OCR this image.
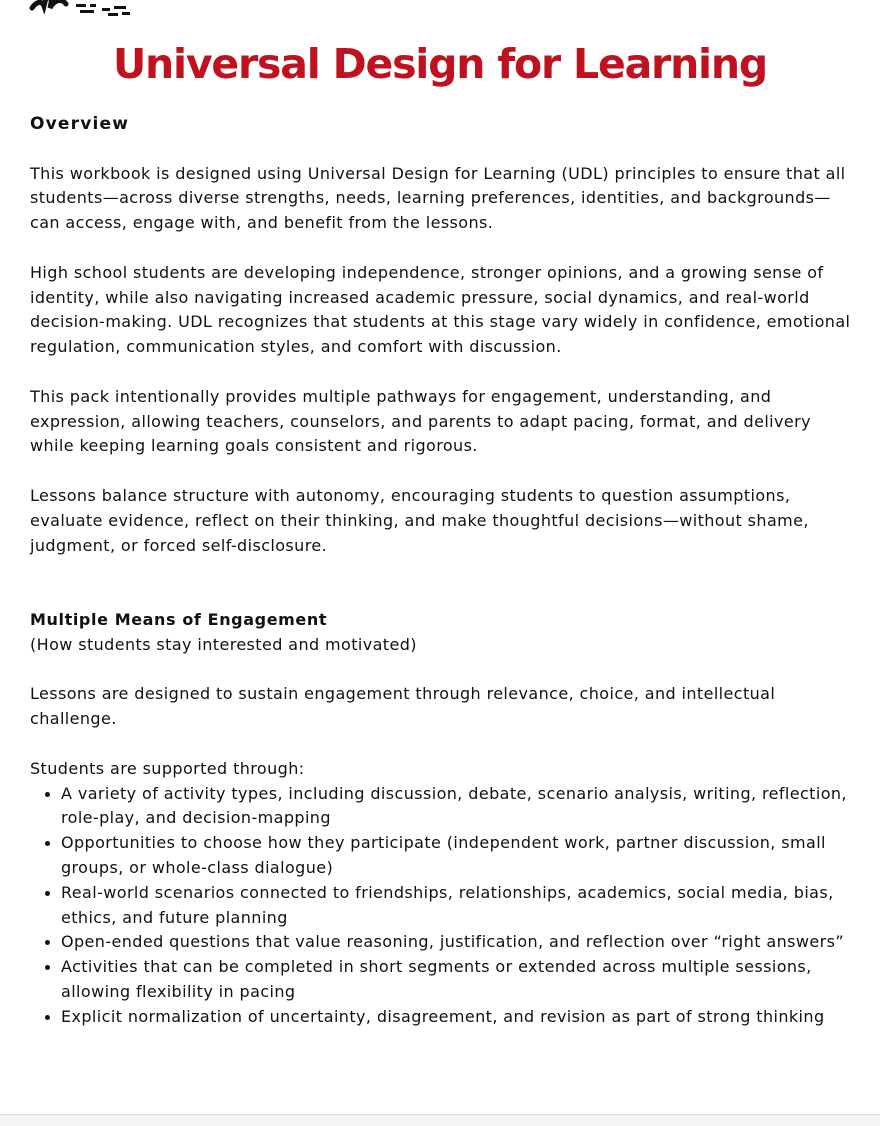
Universal Design for Learning

Overview

This workbook is designed using Universal Design for Learning (UDL) principles to ensure that all students—across diverse strengths, needs, learning preferences, identities, and backgrounds—can access, engage with, and benefit from the lessons.

High school students are developing independence, stronger opinions, and a growing sense of identity, while also navigating increased academic pressure, social dynamics, and real-world decision-making. UDL recognizes that students at this stage vary widely in confidence, emotional regulation, communication styles, and comfort with discussion.

This pack intentionally provides multiple pathways for engagement, understanding, and expression, allowing teachers, counselors, and parents to adapt pacing, format, and delivery while keeping learning goals consistent and rigorous.

Lessons balance structure with autonomy, encouraging students to question assumptions, evaluate evidence, reflect on their thinking, and make thoughtful decisions—without shame, judgment, or forced self-disclosure.

Multiple Means of Engagement

(How students stay interested and motivated)

Lessons are designed to sustain engagement through relevance, choice, and intellectual challenge.

Students are supported through:

A variety of activity types, including discussion, debate, scenario analysis, writing, reflection, role-play, and decision-mapping
Opportunities to choose how they participate (independent work, partner discussion, small groups, or whole-class dialogue)
Real-world scenarios connected to friendships, relationships, academics, social media, bias, ethics, and future planning
Open-ended questions that value reasoning, justification, and reflection over “right answers”
Activities that can be completed in short segments or extended across multiple sessions, allowing flexibility in pacing
Explicit normalization of uncertainty, disagreement, and revision as part of strong thinking
